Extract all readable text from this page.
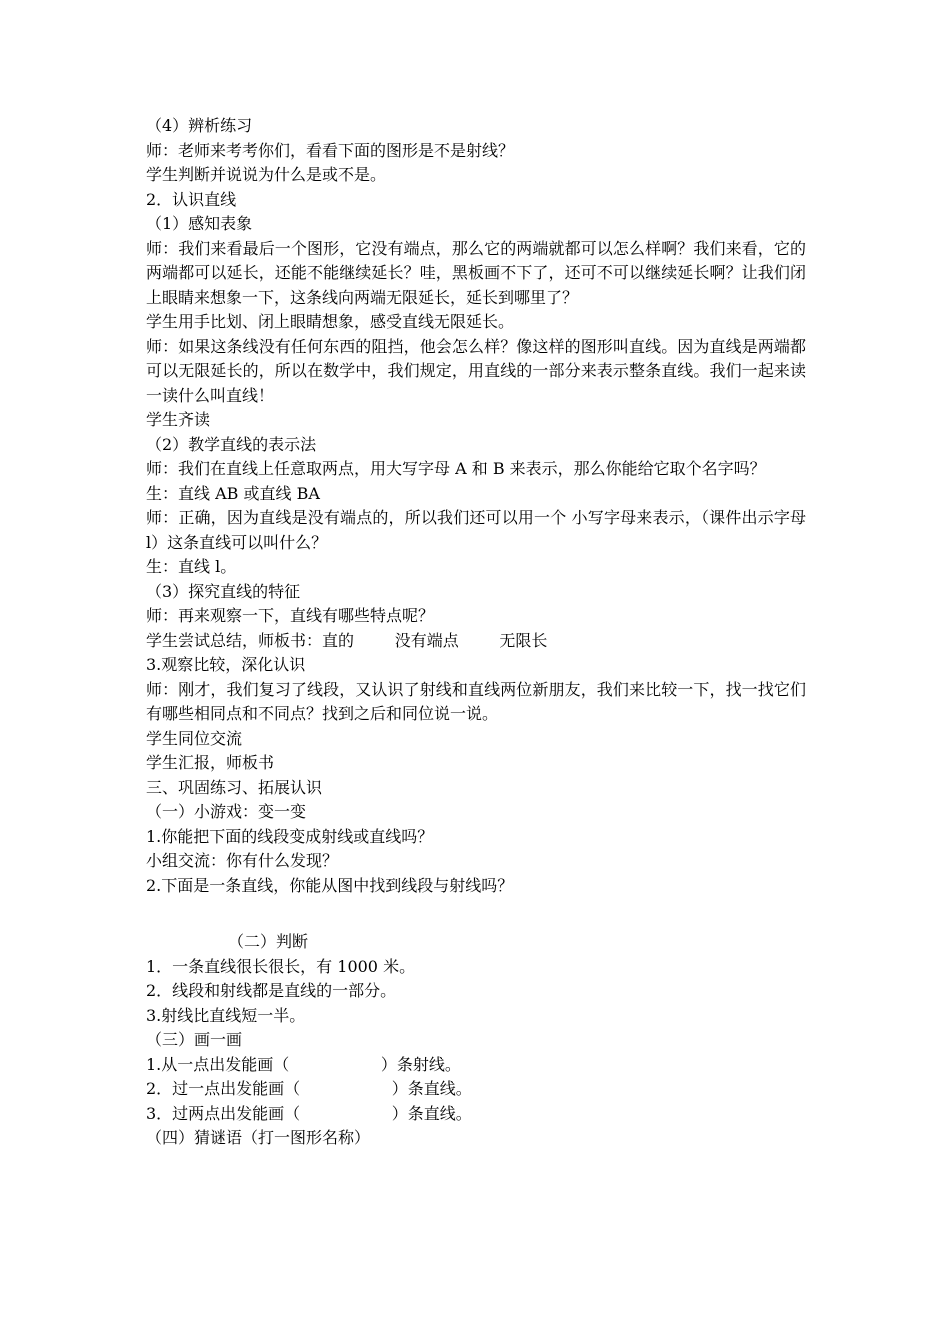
（4）辨析练习

师：老师来考考你们，看看下面的图形是不是射线？

学生判断并说说为什么是或不是。

2．认识直线

（1）感知表象

师：我们来看最后一个图形，它没有端点，那么它的两端就都可以怎么样啊？我们来看，它的两端都可以延长，还能不能继续延长？哇，黑板画不下了，还可不可以继续延长啊？让我们闭上眼睛来想象一下，这条线向两端无限延长，延长到哪里了？

学生用手比划、闭上眼睛想象，感受直线无限延长。

师：如果这条线没有任何东西的阻挡，他会怎么样？像这样的图形叫直线。因为直线是两端都可以无限延长的，所以在数学中，我们规定，用直线的一部分来表示整条直线。我们一起来读一读什么叫直线！

学生齐读

（2）教学直线的表示法

师：我们在直线上任意取两点，用大写字母 A 和 B 来表示，那么你能给它取个名字吗？

生：直线 AB 或直线 BA

师：正确，因为直线是没有端点的，所以我们还可以用一个 小写字母来表示，（课件出示字母 l）这条直线可以叫什么？

生：直线 l。

（3）探究直线的特征

师：再来观察一下，直线有哪些特点呢？

学生尝试总结，师板书：直的        没有端点        无限长

3.观察比较，深化认识

师：刚才，我们复习了线段，又认识了射线和直线两位新朋友，我们来比较一下，找一找它们有哪些相同点和不同点？找到之后和同位说一说。

学生同位交流

学生汇报，师板书

三、巩固练习、拓展认识

（一）小游戏：变一变

1.你能把下面的线段变成射线或直线吗？

小组交流：你有什么发现？

2.下面是一条直线，你能从图中找到线段与射线吗？

（二）判断

1．一条直线很长很长，有 1000 米。

2．线段和射线都是直线的一部分。

3.射线比直线短一半。

（三）画一画

1.从一点出发能画（                  ）条射线。

2．过一点出发能画（                  ）条直线。

3．过两点出发能画（                  ）条直线。

（四）猜谜语（打一图形名称）
